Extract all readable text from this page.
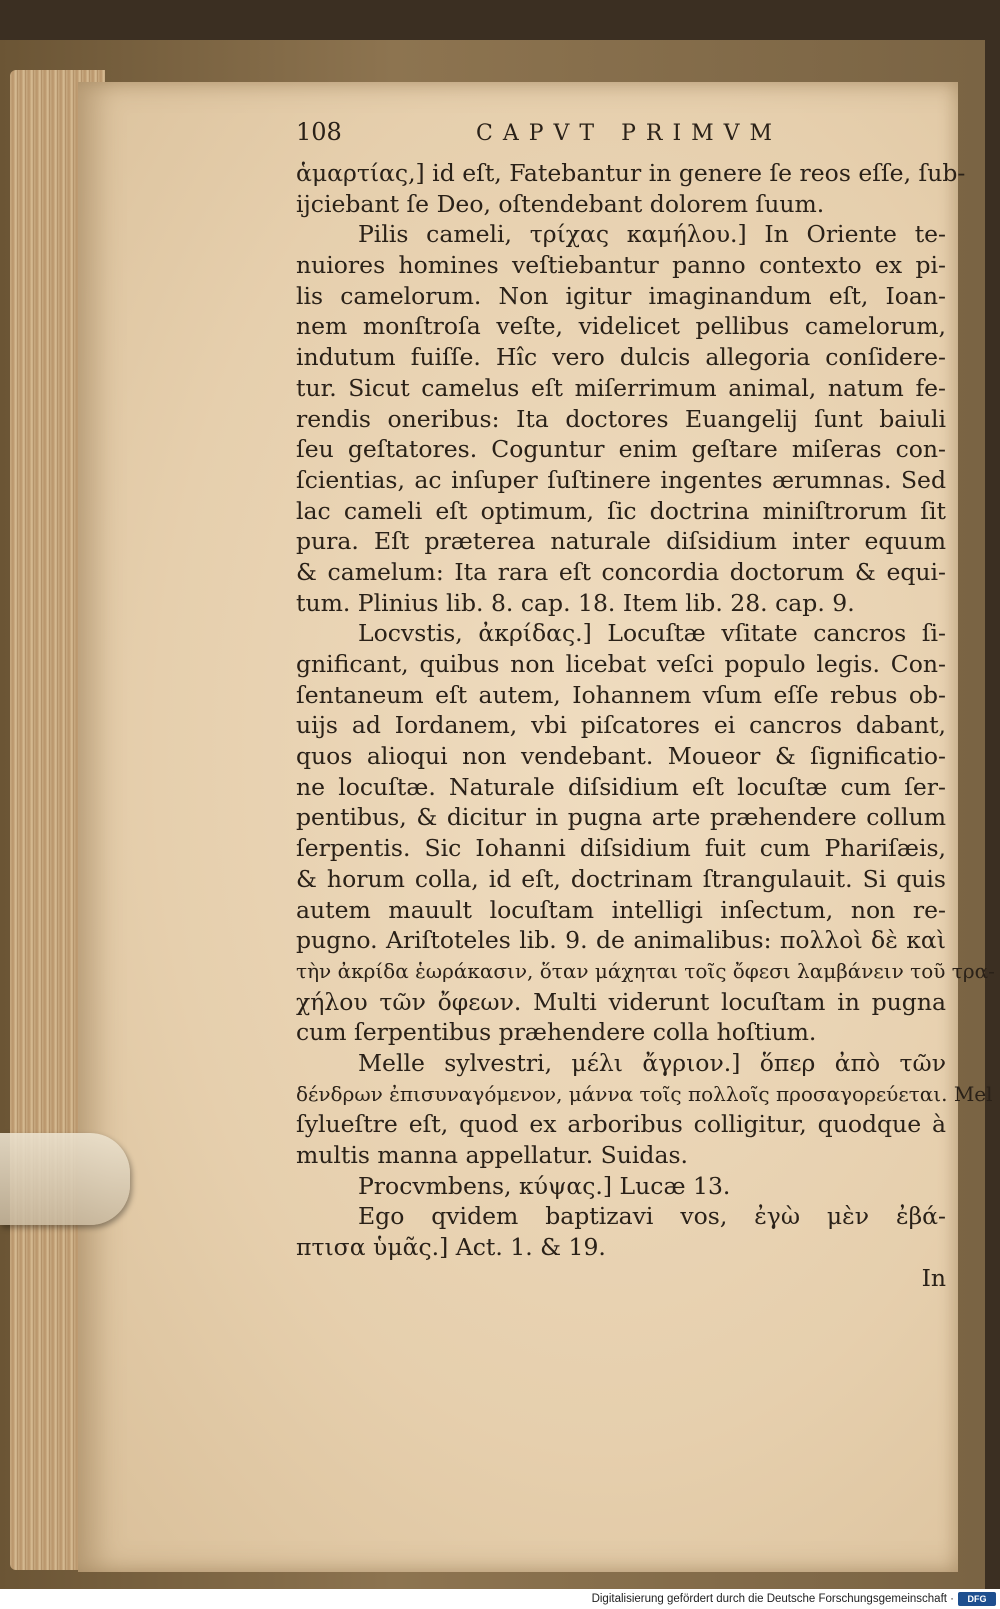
108	CAPVT PRIMVM
ἁμαρτίας,] id eſt, Fatebantur in genere ſe reos eſſe, ſub-
ijciebant ſe Deo, oſtendebant dolorem ſuum.
Pilis cameli, τρίχας καμήλου.] In Oriente te-
nuiores homines veſtiebantur panno contexto ex pi-
lis camelorum. Non igitur imaginandum eſt, Ioan-
nem monſtroſa veſte, videlicet pellibus camelorum,
indutum fuiſſe. Hîc vero dulcis allegoria conſidere-
tur. Sicut camelus eſt miſerrimum animal, natum fe-
rendis oneribus: Ita doctores Euangelij ſunt baiuli
ſeu geſtatores. Coguntur enim geſtare miſeras con-
ſcientias, ac inſuper ſuſtinere ingentes ærumnas. Sed
lac cameli eſt optimum, ſic doctrina miniſtrorum ſit
pura. Eſt præterea naturale diſsidium inter equum
& camelum: Ita rara eſt concordia doctorum & equi-
tum. Plinius lib. 8. cap. 18. Item lib. 28. cap. 9.
Locvstis, ἀκρίδας.] Locuſtæ vſitate cancros ſi-
gnificant, quibus non licebat veſci populo legis. Con-
ſentaneum eſt autem, Iohannem vſum eſſe rebus ob-
uijs ad Iordanem, vbi piſcatores ei cancros dabant,
quos alioqui non vendebant. Moueor & ſignificatio-
ne locuſtæ. Naturale diſsidium eſt locuſtæ cum ſer-
pentibus, & dicitur in pugna arte præhendere collum
ſerpentis. Sic Iohanni diſsidium fuit cum Phariſæis,
& horum colla, id eſt, doctrinam ſtrangulauit. Si quis
autem mauult locuſtam intelligi inſectum, non re-
pugno. Ariſtoteles lib. 9. de animalibus: πολλοὶ δὲ καὶ
τὴν ἀκρίδα ἑωράκασιν, ὅταν μάχηται τοῖς ὄφεσι λαμβάνειν τοῦ τρα-
χήλου τῶν ὄφεων. Multi viderunt locuſtam in pugna
cum ſerpentibus præhendere colla hoſtium.
Melle sylvestri, μέλι ἄγριον.] ὅπερ ἀπὸ τῶν
δένδρων ἐπισυναγόμενον, μάννα τοῖς πολλοῖς προσαγορεύεται. Mel
ſylueſtre eſt, quod ex arboribus colligitur, quodque à
multis manna appellatur. Suidas.
Procvmbens, κύψας.] Lucæ 13.
Ego qvidem baptizavi vos, ἐγὼ μὲν ἐβά-
πτισα ὑμᾶς.] Act. 1. & 19.
In
Digitalisierung gefördert durch die Deutsche Forschungsgemeinschaft ·	DFG
